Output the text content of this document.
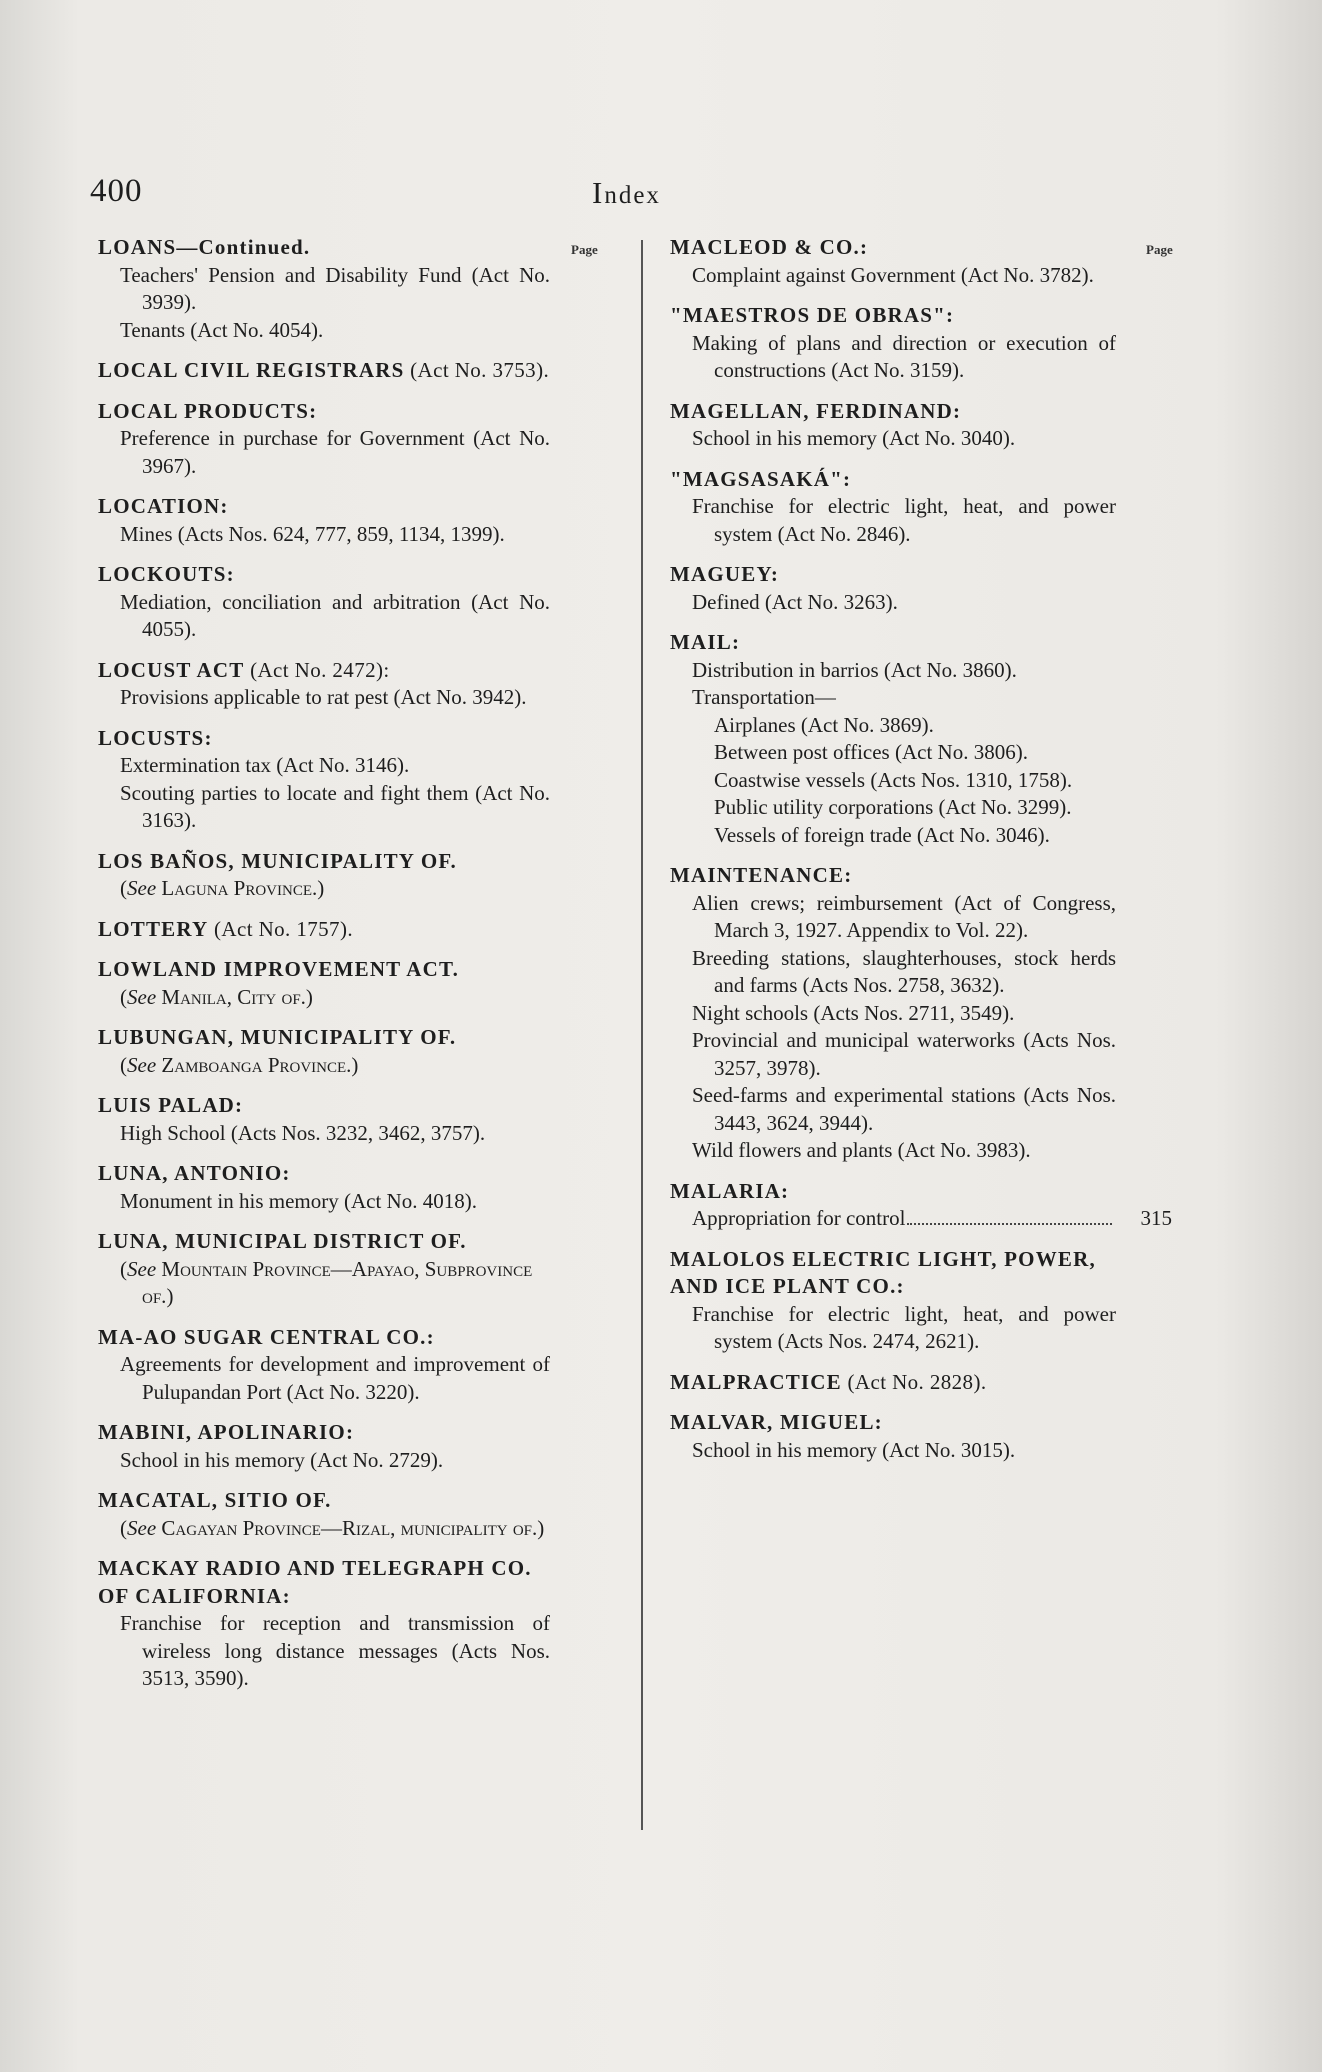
400	Index
Page	Page
LOANS—Continued.
Teachers' Pension and Disability Fund (Act No. 3939).
Tenants (Act No. 4054).
LOCAL CIVIL REGISTRARS (Act No. 3753).
LOCAL PRODUCTS:
Preference in purchase for Government (Act No. 3967).
LOCATION:
Mines (Acts Nos. 624, 777, 859, 1134, 1399).
LOCKOUTS:
Mediation, conciliation and arbitration (Act No. 4055).
LOCUST ACT (Act No. 2472):
Provisions applicable to rat pest (Act No. 3942).
LOCUSTS:
Extermination tax (Act No. 3146).
Scouting parties to locate and fight them (Act No. 3163).
LOS BAÑOS, MUNICIPALITY OF.
(See Laguna Province.)
LOTTERY (Act No. 1757).
LOWLAND IMPROVEMENT ACT.
(See Manila, City of.)
LUBUNGAN, MUNICIPALITY OF.
(See Zamboanga Province.)
LUIS PALAD:
High School (Acts Nos. 3232, 3462, 3757).
LUNA, ANTONIO:
Monument in his memory (Act No. 4018).
LUNA, MUNICIPAL DISTRICT OF.
(See Mountain Province—Apayao, Subprovince of.)
MA-AO SUGAR CENTRAL CO.:
Agreements for development and improvement of Pulupandan Port (Act No. 3220).
MABINI, APOLINARIO:
School in his memory (Act No. 2729).
MACATAL, SITIO OF.
(See Cagayan Province—Rizal, municipality of.)
MACKAY RADIO AND TELEGRAPH CO. OF CALIFORNIA:
Franchise for reception and transmission of wireless long distance messages (Acts Nos. 3513, 3590).
MACLEOD & CO.:
Complaint against Government (Act No. 3782).
"MAESTROS DE OBRAS":
Making of plans and direction or execution of constructions (Act No. 3159).
MAGELLAN, FERDINAND:
School in his memory (Act No. 3040).
"MAGSASAKÁ":
Franchise for electric light, heat, and power system (Act No. 2846).
MAGUEY:
Defined (Act No. 3263).
MAIL:
Distribution in barrios (Act No. 3860).
Transportation—
Airplanes (Act No. 3869).
Between post offices (Act No. 3806).
Coastwise vessels (Acts Nos. 1310, 1758).
Public utility corporations (Act No. 3299).
Vessels of foreign trade (Act No. 3046).
MAINTENANCE:
Alien crews; reimbursement (Act of Congress, March 3, 1927. Appendix to Vol. 22).
Breeding stations, slaughterhouses, stock herds and farms (Acts Nos. 2758, 3632).
Night schools (Acts Nos. 2711, 3549).
Provincial and municipal waterworks (Acts Nos. 3257, 3978).
Seed-farms and experimental stations (Acts Nos. 3443, 3624, 3944).
Wild flowers and plants (Act No. 3983).
MALARIA:
Appropriation for control	315
MALOLOS ELECTRIC LIGHT, POWER, AND ICE PLANT CO.:
Franchise for electric light, heat, and power system (Acts Nos. 2474, 2621).
MALPRACTICE (Act No. 2828).
MALVAR, MIGUEL:
School in his memory (Act No. 3015).
